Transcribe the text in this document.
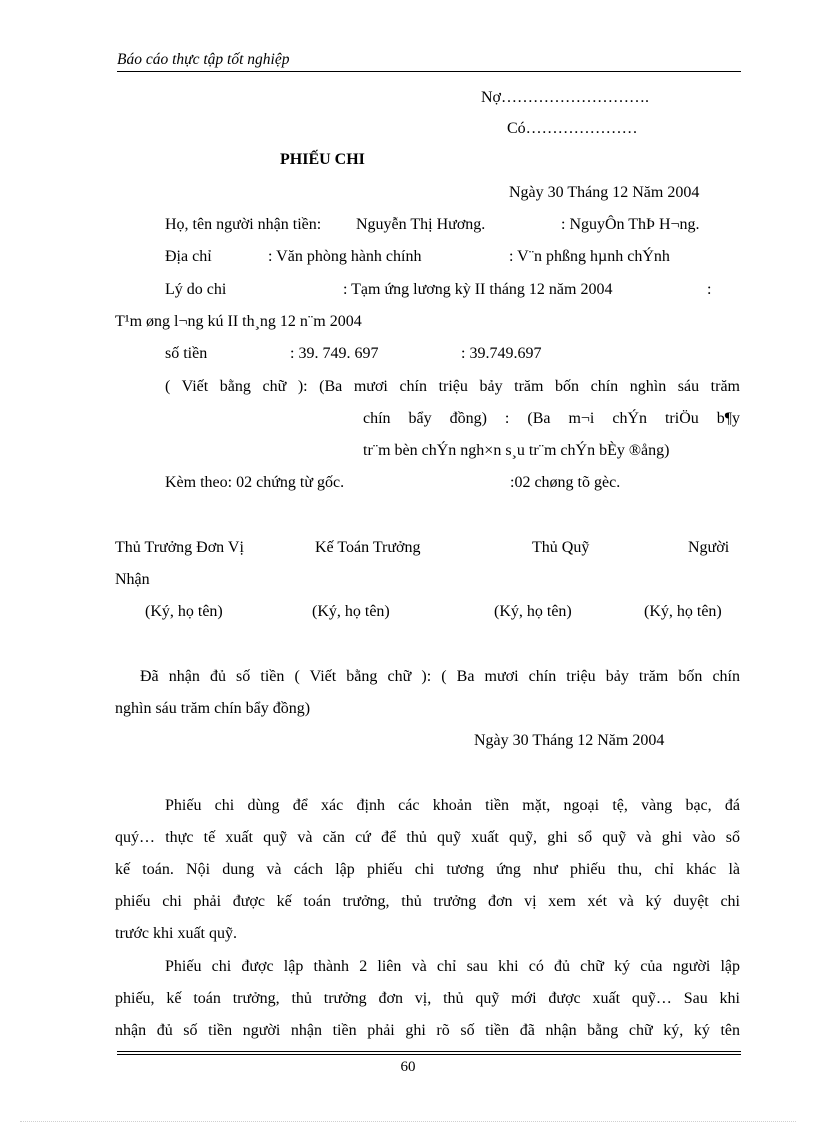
Báo cáo thực tập tốt nghiệp
Nợ……………………….
Có…………………
PHIẾU CHI
Ngày 30 Tháng 12 Năm 2004
Họ, tên người nhận tiền: Nguyễn Thị Hương.	: NguyÔn ThÞ H¬ng.
Địa chỉ	: Văn phòng hành chính	: V¨n phßng hµnh chÝnh
Lý do chi	: Tạm ứng lương kỳ II tháng 12 năm 2004	:
T¹m øng l¬ng kú II th¸ng 12 n¨m 2004
số tiền	: 39. 749. 697	: 39.749.697
( Viết bằng chữ ): (Ba mươi chín triệu bảy trăm bốn chín nghìn sáu trăm
chín bẩy đồng) : (Ba m¬i chÝn triÖu b¶y
tr¨m bèn chÝn ngh×n s¸u tr¨m chÝn bÈy ®ång)
Kèm theo: 02 chứng từ gốc.	:02 chøng tõ gèc.
Thủ Trưởng Đơn Vị	Kế Toán Trưởng	Thủ Quỹ	Người
Nhận
(Ký, họ tên)	(Ký, họ tên)	(Ký, họ tên)	(Ký, họ tên)
Đã nhận đủ số tiền ( Viết bằng chữ ): ( Ba mươi chín triệu bảy trăm bốn chín
nghìn sáu trăm chín bẩy đồng)
Ngày 30 Tháng 12 Năm 2004
Phiếu chi dùng để xác định các khoản tiền mặt, ngoại tệ, vàng bạc, đá
quý… thực tế xuất quỹ và căn cứ để thủ quỹ xuất quỹ, ghi sổ quỹ và ghi vào sổ
kế toán. Nội dung và cách lập phiếu chi tương ứng như phiếu thu, chỉ khác là
phiếu chi phải được kế toán trưởng, thủ trưởng đơn vị xem xét và ký duyệt chi
trước khi xuất quỹ.
Phiếu chi được lập thành 2 liên và chỉ sau khi có đủ chữ ký của người lập
phiếu, kế toán trưởng, thủ trưởng đơn vị, thủ quỹ mới được xuất quỹ… Sau khi
nhận đủ số tiền người nhận tiền phải ghi rõ số tiền đã nhận bằng chữ ký, ký tên
60
